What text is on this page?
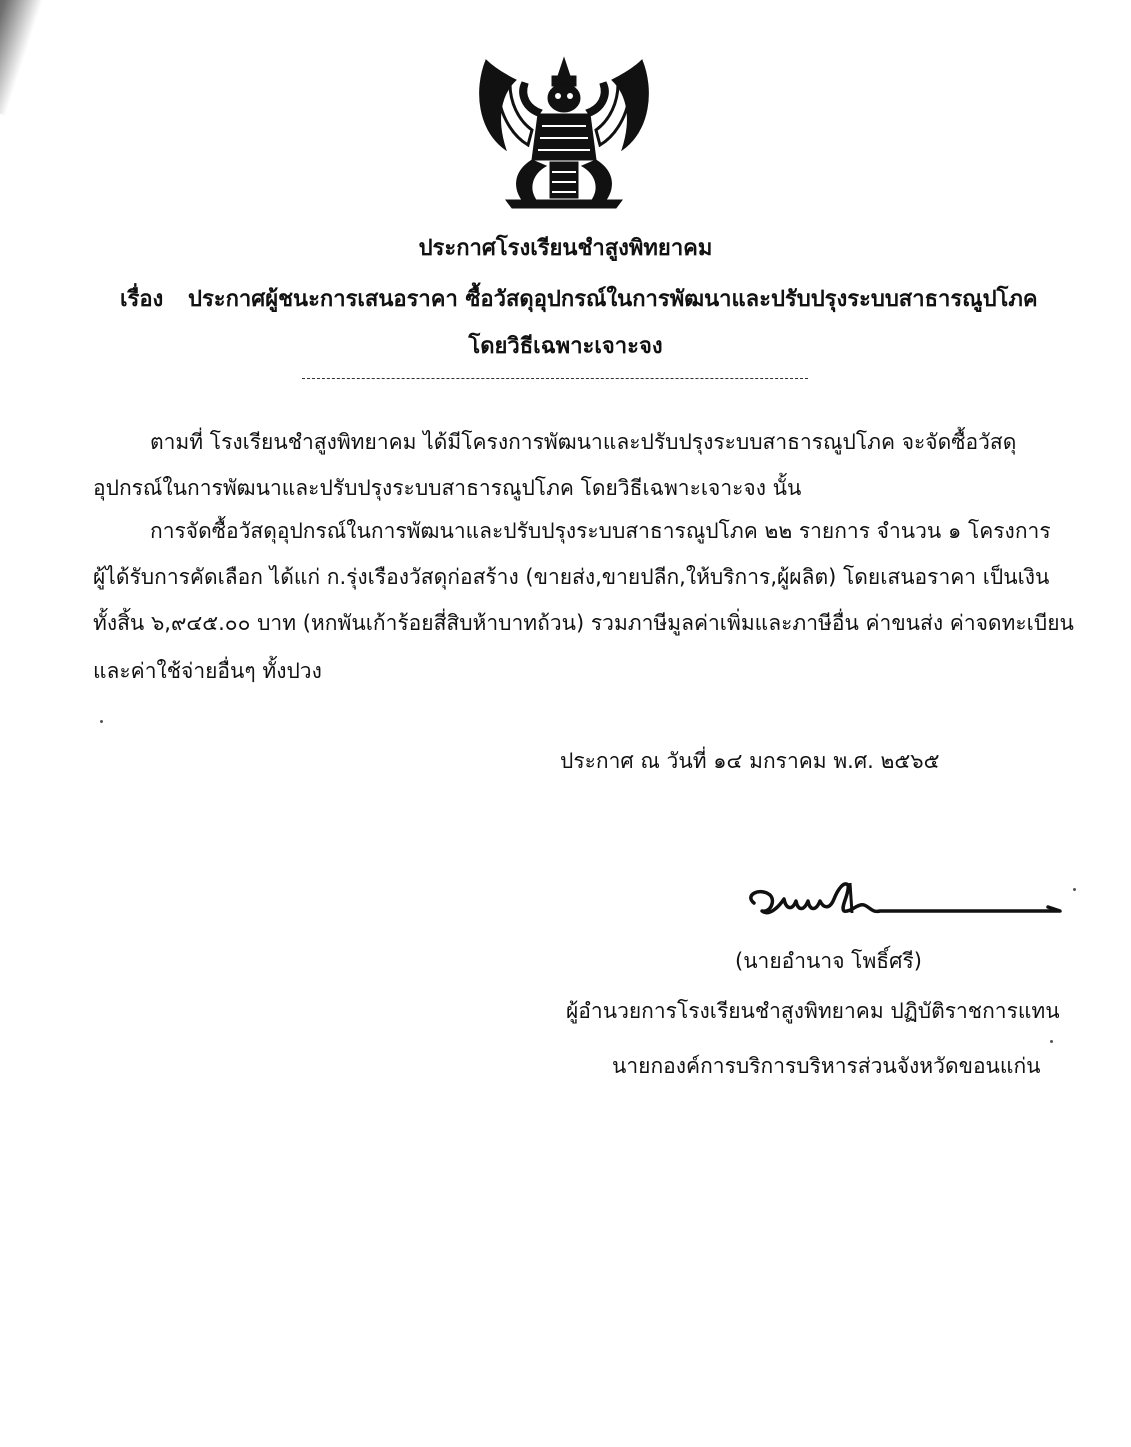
ประกาศโรงเรียนชำสูงพิทยาคม
เรื่อง ประกาศผู้ชนะการเสนอราคา ซื้อวัสดุอุปกรณ์ในการพัฒนาและปรับปรุงระบบสาธารณูปโภค
โดยวิธีเฉพาะเจาะจง
ตามที่ โรงเรียนชำสูงพิทยาคม ได้มีโครงการพัฒนาและปรับปรุงระบบสาธารณูปโภค จะจัดซื้อวัสดุ
อุปกรณ์ในการพัฒนาและปรับปรุงระบบสาธารณูปโภค โดยวิธีเฉพาะเจาะจง นั้น
การจัดซื้อวัสดุอุปกรณ์ในการพัฒนาและปรับปรุงระบบสาธารณูปโภค ๒๒ รายการ จำนวน ๑ โครงการ
ผู้ได้รับการคัดเลือก ได้แก่ ก.รุ่งเรืองวัสดุก่อสร้าง (ขายส่ง,ขายปลีก,ให้บริการ,ผู้ผลิต) โดยเสนอราคา เป็นเงิน
ทั้งสิ้น ๖,๙๔๕.๐๐ บาท (หกพันเก้าร้อยสี่สิบห้าบาทถ้วน) รวมภาษีมูลค่าเพิ่มและภาษีอื่น ค่าขนส่ง ค่าจดทะเบียน
และค่าใช้จ่ายอื่นๆ ทั้งปวง
ประกาศ ณ วันที่ ๑๔ มกราคม พ.ศ. ๒๕๖๕
(นายอำนาจ โพธิ์ศรี)
ผู้อำนวยการโรงเรียนชำสูงพิทยาคม ปฏิบัติราชการแทน
นายกองค์การบริการบริหารส่วนจังหวัดขอนแก่น
